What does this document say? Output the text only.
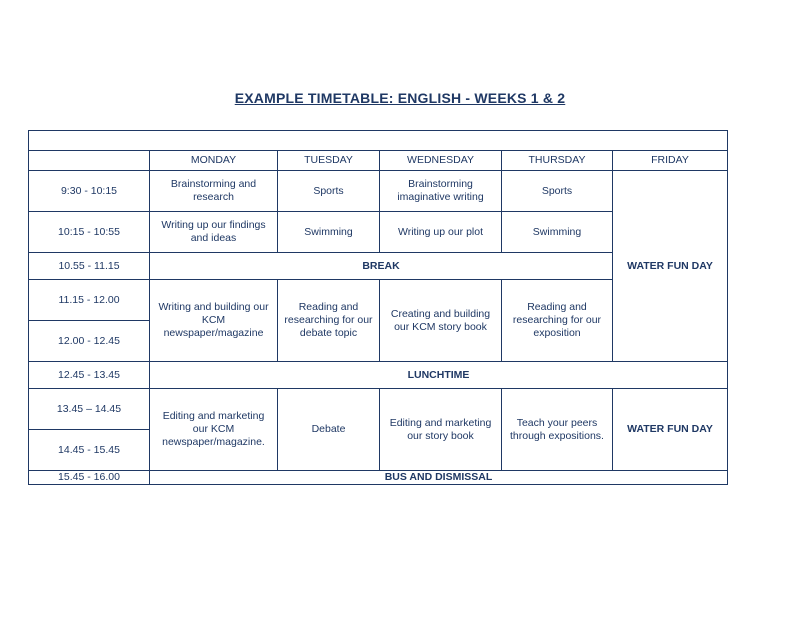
EXAMPLE TIMETABLE: ENGLISH - WEEKS 1 & 2

	MONDAY	TUESDAY	WEDNESDAY	THURSDAY	FRIDAY
9:30 - 10:15	Brainstorming and research	Sports	Brainstorming imaginative writing	Sports	WATER FUN DAY
10:15 - 10:55	Writing up our findings and ideas	Swimming	Writing up our plot	Swimming	
10.55 - 11.15	BREAK				
11.15 - 12.00	Writing and building our KCM newspaper/magazine	Reading and researching for our debate topic	Creating and building our KCM story book	Reading and researching for our exposition	
12.00 - 12.45					
12.45 - 13.45	LUNCHTIME				
13.45 – 14.45	Editing and marketing our KCM newspaper/magazine.	Debate	Editing and marketing our story book	Teach your peers through expositions.	WATER FUN DAY
14.45 - 15.45					
15.45 - 16.00	BUS AND DISMISSAL				
